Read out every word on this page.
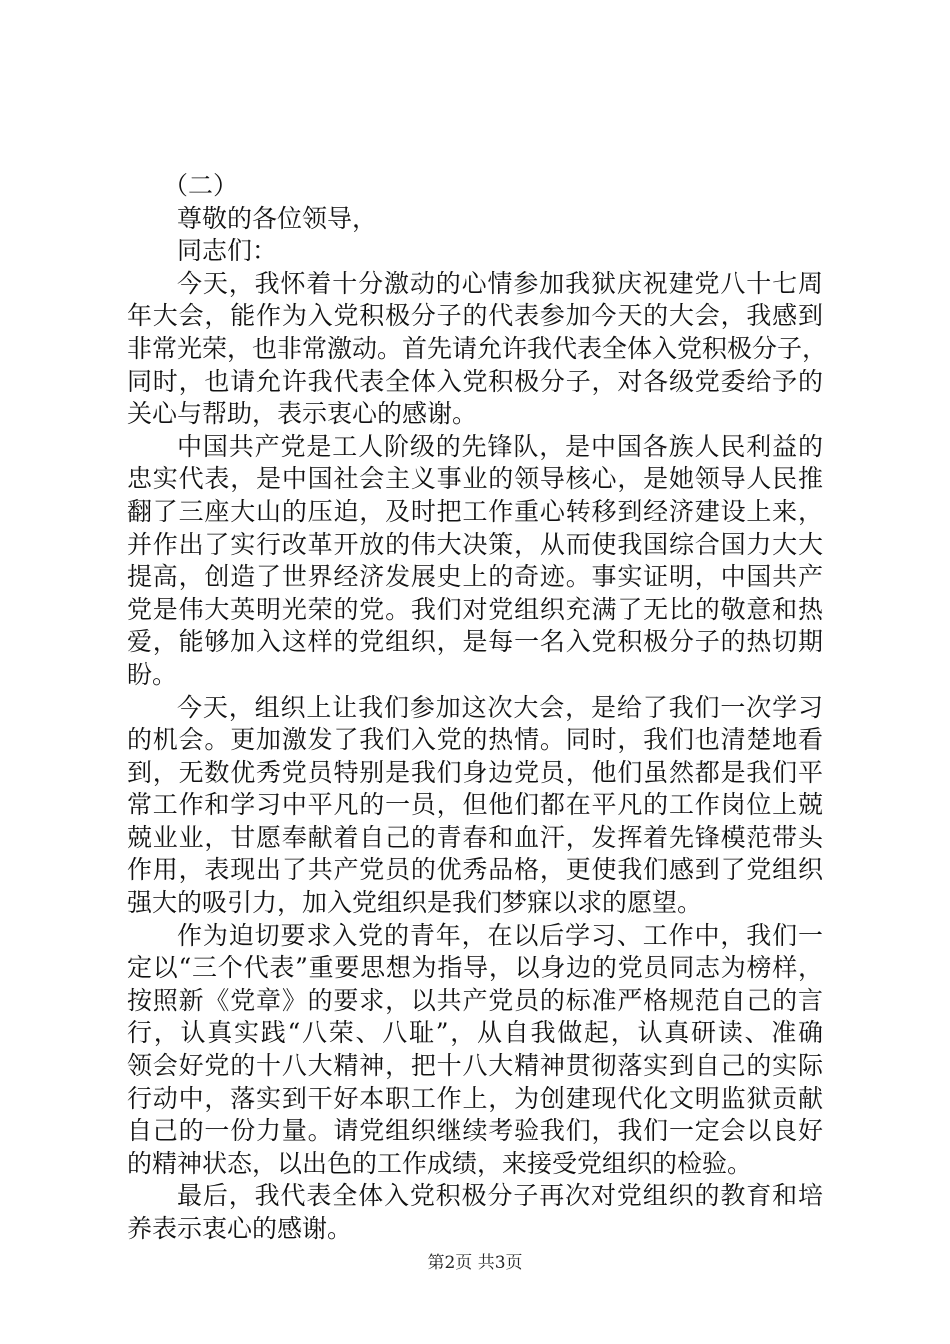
（二）
尊敬的各位领导，
同志们：
今天，我怀着十分激动的心情参加我狱庆祝建党八十七周
年大会，能作为入党积极分子的代表参加今天的大会，我感到
非常光荣，也非常激动。首先请允许我代表全体入党积极分子，
同时，也请允许我代表全体入党积极分子，对各级党委给予的
关心与帮助，表示衷心的感谢。
中国共产党是工人阶级的先锋队，是中国各族人民利益的
忠实代表，是中国社会主义事业的领导核心，是她领导人民推
翻了三座大山的压迫，及时把工作重心转移到经济建设上来，
并作出了实行改革开放的伟大决策，从而使我国综合国力大大
提高，创造了世界经济发展史上的奇迹。事实证明，中国共产
党是伟大英明光荣的党。我们对党组织充满了无比的敬意和热
爱，能够加入这样的党组织，是每一名入党积极分子的热切期
盼。
今天，组织上让我们参加这次大会，是给了我们一次学习
的机会。更加激发了我们入党的热情。同时，我们也清楚地看
到，无数优秀党员特别是我们身边党员，他们虽然都是我们平
常工作和学习中平凡的一员，但他们都在平凡的工作岗位上兢
兢业业，甘愿奉献着自己的青春和血汗，发挥着先锋模范带头
作用，表现出了共产党员的优秀品格，更使我们感到了党组织
强大的吸引力，加入党组织是我们梦寐以求的愿望。
作为迫切要求入党的青年，在以后学习、工作中，我们一
定以“三个代表”重要思想为指导，以身边的党员同志为榜样，
按照新《党章》的要求，以共产党员的标准严格规范自己的言
行，认真实践“八荣、八耻”，从自我做起，认真研读、准确
领会好党的十八大精神，把十八大精神贯彻落实到自己的实际
行动中，落实到干好本职工作上，为创建现代化文明监狱贡献
自己的一份力量。请党组织继续考验我们，我们一定会以良好
的精神状态，以出色的工作成绩，来接受党组织的检验。
最后，我代表全体入党积极分子再次对党组织的教育和培
养表示衷心的感谢。
第2页 共3页
